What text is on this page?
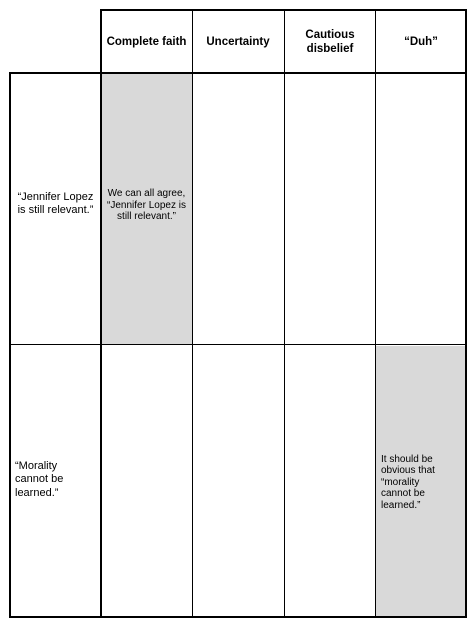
We can all agree, “Jennifer Lopez is still relevant.”
It should be obvious that “morality cannot be learned.”
Complete faith Uncertainty
Cautious disbelief
“Duh”
“Jennifer Lopez is still relevant.”
“Morality cannot be learned.”
